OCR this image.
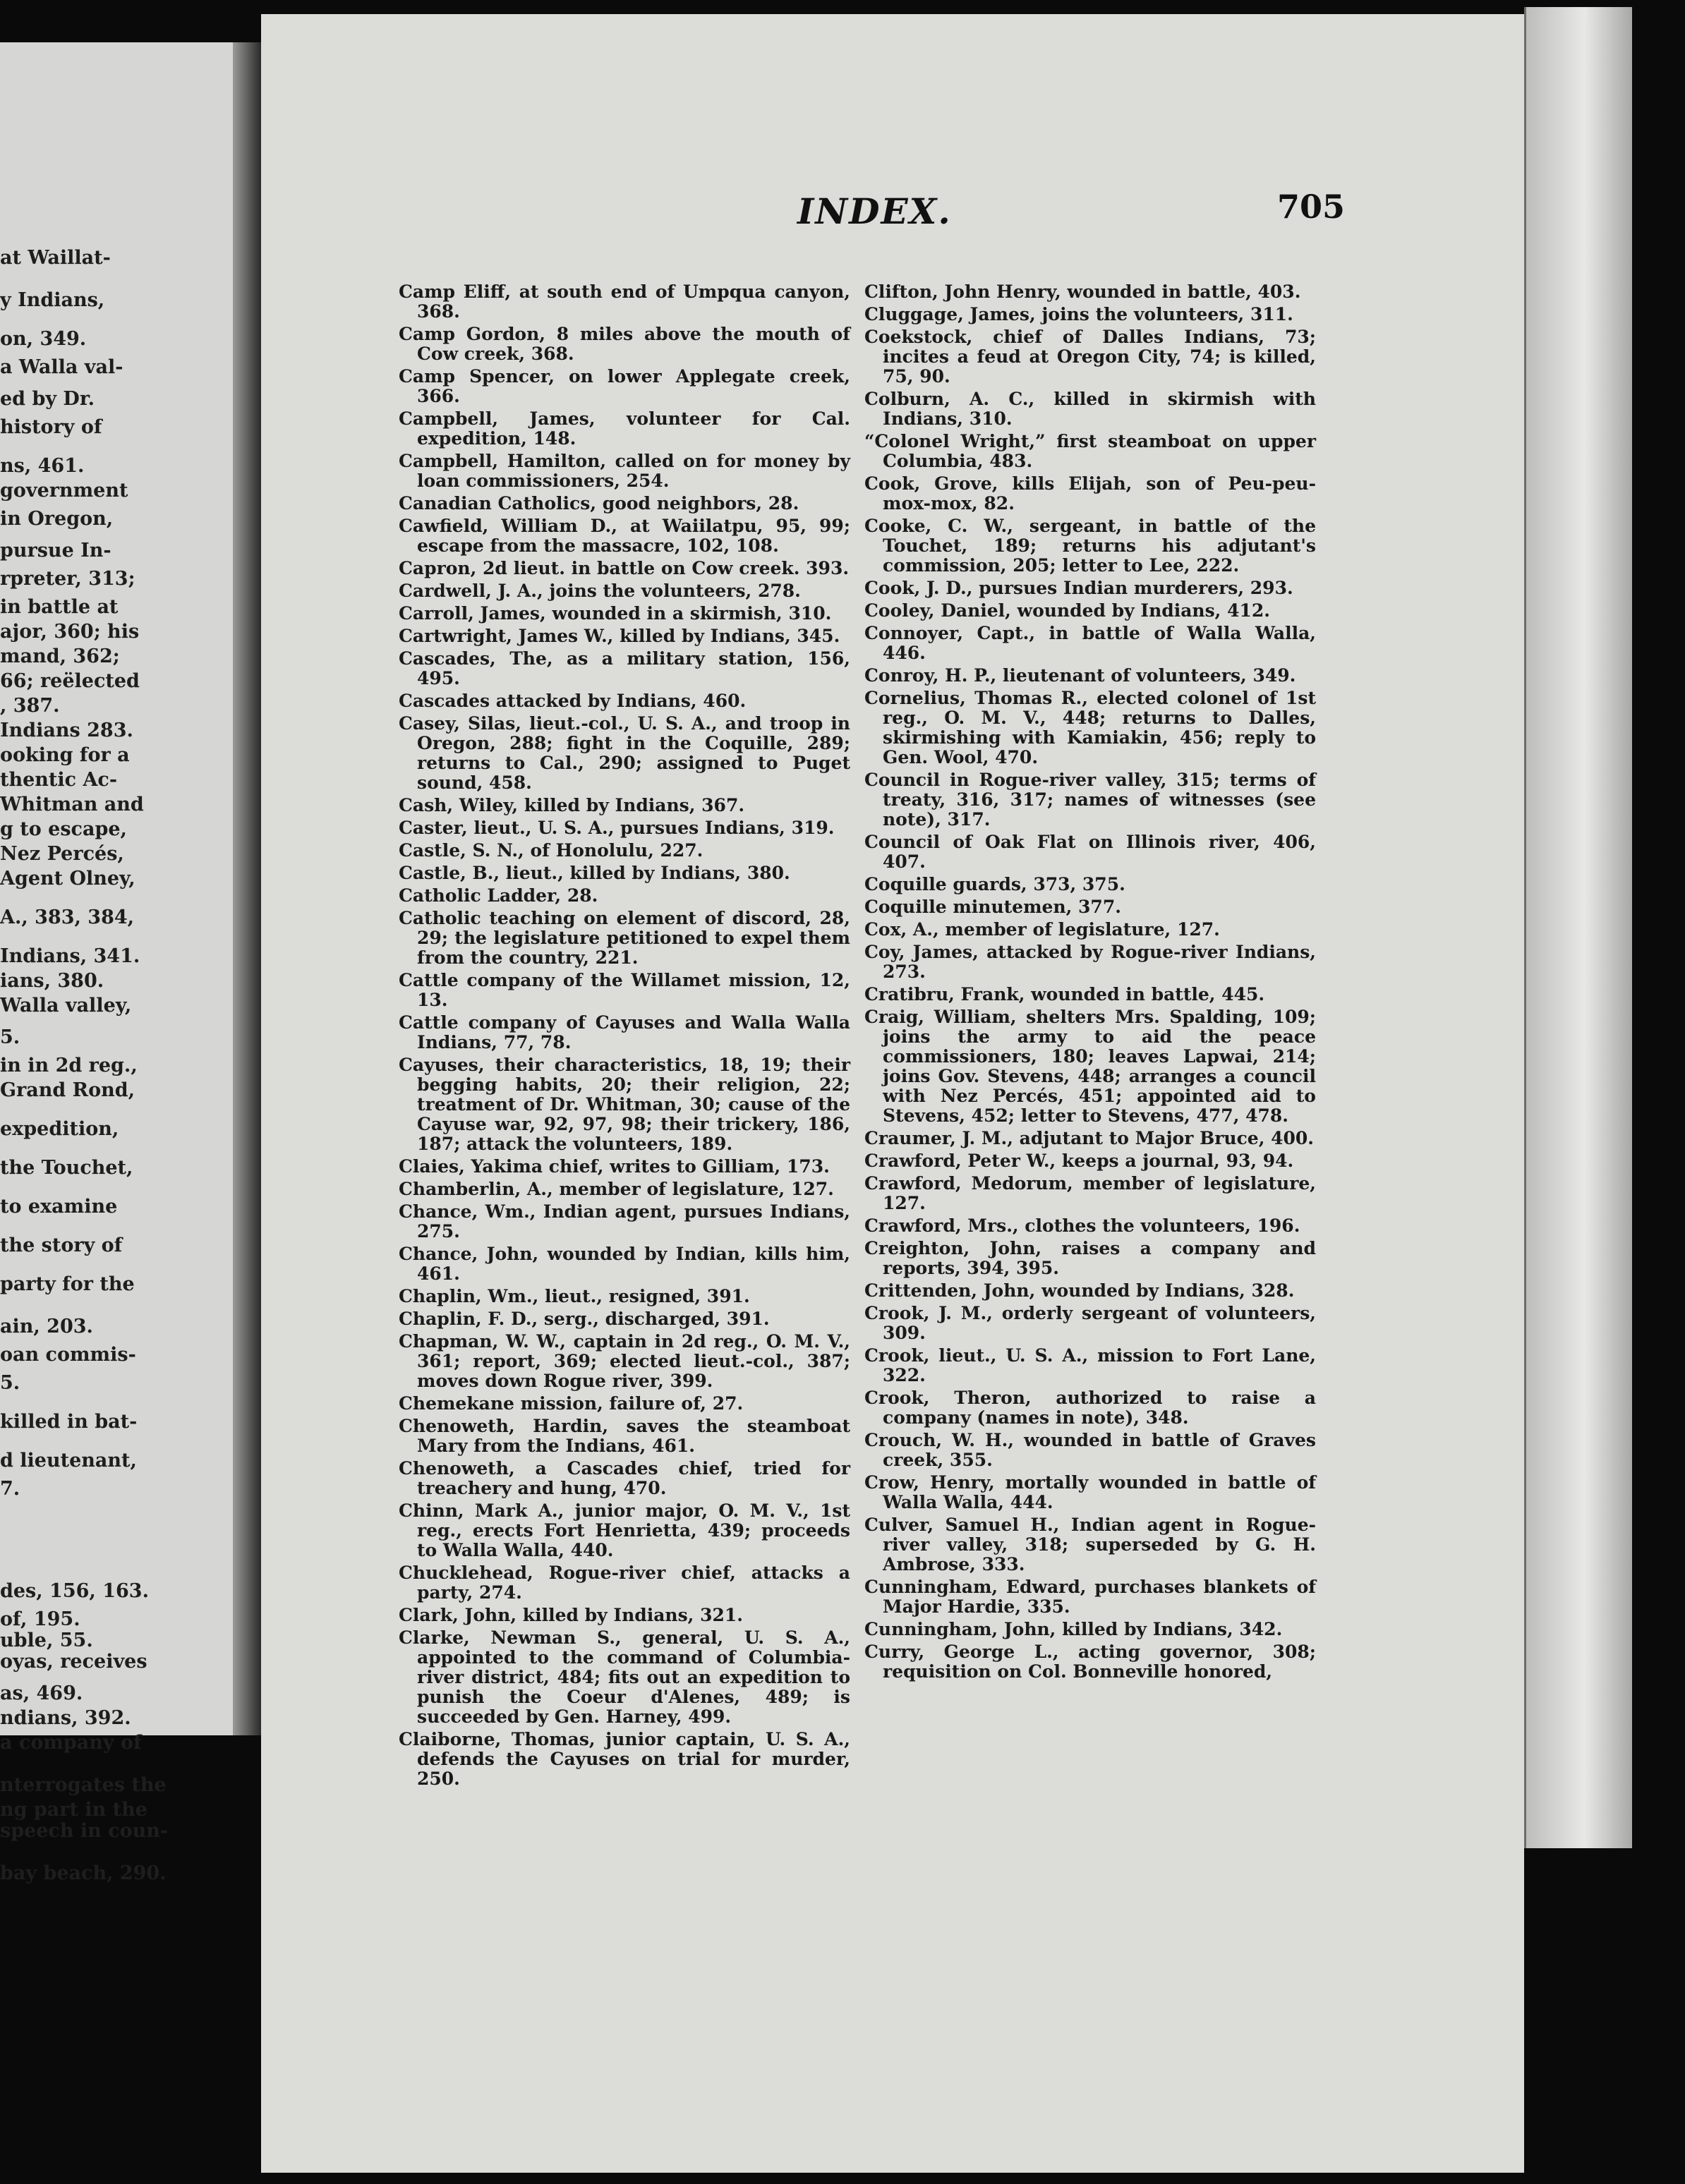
at Waillat-
y Indians,
on, 349.
a Walla val-
ed by Dr.
history of
ns, 461.
government
in Oregon,
pursue In-
rpreter, 313;
in battle at
ajor, 360; his
mand, 362;
66; reëlected
, 387.
Indians 283.
ooking for a
thentic Ac-
Whitman and
g to escape,
Nez Percés,
Agent Olney,
A., 383, 384,
Indians, 341.
ians, 380.
Walla valley,
5.
in in 2d reg.,
Grand Rond,
expedition,
the Touchet,
to examine
the story of
party for the
ain, 203.
oan commis-
5.
killed in bat-
d lieutenant,
7.
des, 156, 163.
of, 195.
uble, 55.
oyas, receives
as, 469.
ndians, 392.
a company of
nterrogates the
ng part in the
speech in coun-
bay beach, 290.
INDEX.	705
Camp Eliff, at south end of Umpqua canyon, 368.
Camp Gordon, 8 miles above the mouth of Cow creek, 368.
Camp Spencer, on lower Applegate creek, 366.
Campbell, James, volunteer for Cal. expedition, 148.
Campbell, Hamilton, called on for money by loan commissioners, 254.
Canadian Catholics, good neighbors, 28.
Cawfield, William D., at Waiilatpu, 95, 99; escape from the massacre, 102, 108.
Capron, 2d lieut. in battle on Cow creek. 393.
Cardwell, J. A., joins the volunteers, 278.
Carroll, James, wounded in a skirmish, 310.
Cartwright, James W., killed by Indians, 345.
Cascades, The, as a military station, 156, 495.
Cascades attacked by Indians, 460.
Casey, Silas, lieut.-col., U. S. A., and troop in Oregon, 288; fight in the Coquille, 289; returns to Cal., 290; assigned to Puget sound, 458.
Cash, Wiley, killed by Indians, 367.
Caster, lieut., U. S. A., pursues Indians, 319.
Castle, S. N., of Honolulu, 227.
Castle, B., lieut., killed by Indians, 380.
Catholic Ladder, 28.
Catholic teaching on element of discord, 28, 29; the legislature petitioned to expel them from the country, 221.
Cattle company of the Willamet mission, 12, 13.
Cattle company of Cayuses and Walla Walla Indians, 77, 78.
Cayuses, their characteristics, 18, 19; their begging habits, 20; their religion, 22; treatment of Dr. Whitman, 30; cause of the Cayuse war, 92, 97, 98; their trickery, 186, 187; attack the volunteers, 189.
Claies, Yakima chief, writes to Gilliam, 173.
Chamberlin, A., member of legislature, 127.
Chance, Wm., Indian agent, pursues Indians, 275.
Chance, John, wounded by Indian, kills him, 461.
Chaplin, Wm., lieut., resigned, 391.
Chaplin, F. D., serg., discharged, 391.
Chapman, W. W., captain in 2d reg., O. M. V., 361; report, 369; elected lieut.-col., 387; moves down Rogue river, 399.
Chemekane mission, failure of, 27.
Chenoweth, Hardin, saves the steamboat Mary from the Indians, 461.
Chenoweth, a Cascades chief, tried for treachery and hung, 470.
Chinn, Mark A., junior major, O. M. V., 1st reg., erects Fort Henrietta, 439; proceeds to Walla Walla, 440.
Chucklehead, Rogue-river chief, attacks a party, 274.
Clark, John, killed by Indians, 321.
Clarke, Newman S., general, U. S. A., appointed to the command of Columbia-river district, 484; fits out an expedition to punish the Coeur d'Alenes, 489; is succeeded by Gen. Harney, 499.
Claiborne, Thomas, junior captain, U. S. A., defends the Cayuses on trial for murder, 250.
Clifton, John Henry, wounded in battle, 403.
Cluggage, James, joins the volunteers, 311.
Coekstock, chief of Dalles Indians, 73; incites a feud at Oregon City, 74; is killed, 75, 90.
Colburn, A. C., killed in skirmish with Indians, 310.
“Colonel Wright,” first steamboat on upper Columbia, 483.
Cook, Grove, kills Elijah, son of Peu-peu-mox-mox, 82.
Cooke, C. W., sergeant, in battle of the Touchet, 189; returns his adjutant's commission, 205; letter to Lee, 222.
Cook, J. D., pursues Indian murderers, 293.
Cooley, Daniel, wounded by Indians, 412.
Connoyer, Capt., in battle of Walla Walla, 446.
Conroy, H. P., lieutenant of volunteers, 349.
Cornelius, Thomas R., elected colonel of 1st reg., O. M. V., 448; returns to Dalles, skirmishing with Kamiakin, 456; reply to Gen. Wool, 470.
Council in Rogue-river valley, 315; terms of treaty, 316, 317; names of witnesses (see note), 317.
Council of Oak Flat on Illinois river, 406, 407.
Coquille guards, 373, 375.
Coquille minutemen, 377.
Cox, A., member of legislature, 127.
Coy, James, attacked by Rogue-river Indians, 273.
Cratibru, Frank, wounded in battle, 445.
Craig, William, shelters Mrs. Spalding, 109; joins the army to aid the peace commissioners, 180; leaves Lapwai, 214; joins Gov. Stevens, 448; arranges a council with Nez Percés, 451; appointed aid to Stevens, 452; letter to Stevens, 477, 478.
Craumer, J. M., adjutant to Major Bruce, 400.
Crawford, Peter W., keeps a journal, 93, 94.
Crawford, Medorum, member of legislature, 127.
Crawford, Mrs., clothes the volunteers, 196.
Creighton, John, raises a company and reports, 394, 395.
Crittenden, John, wounded by Indians, 328.
Crook, J. M., orderly sergeant of volunteers, 309.
Crook, lieut., U. S. A., mission to Fort Lane, 322.
Crook, Theron, authorized to raise a company (names in note), 348.
Crouch, W. H., wounded in battle of Graves creek, 355.
Crow, Henry, mortally wounded in battle of Walla Walla, 444.
Culver, Samuel H., Indian agent in Rogue-river valley, 318; superseded by G. H. Ambrose, 333.
Cunningham, Edward, purchases blankets of Major Hardie, 335.
Cunningham, John, killed by Indians, 342.
Curry, George L., acting governor, 308; requisition on Col. Bonneville honored,
